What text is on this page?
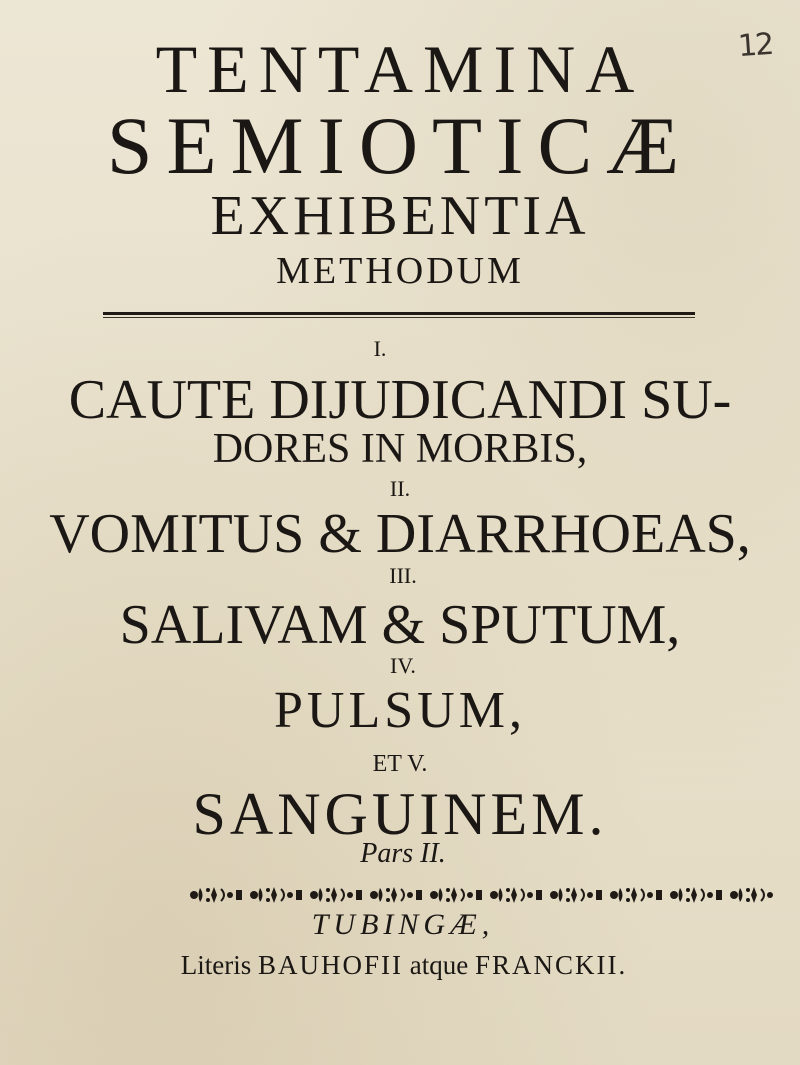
12
TENTAMINA
SEMIOTICÆ
EXHIBENTIA
METHODUM
I.
CAUTE DIJUDICANDI SU-
DORES IN MORBIS,
II.
VOMITUS & DIARRHOEAS,
III.
SALIVAM & SPUTUM,
IV.
PULSUM,
ET V.
SANGUINEM.
Pars II.
TUBINGÆ,
Literis BAUHOFII atque FRANCKII.
